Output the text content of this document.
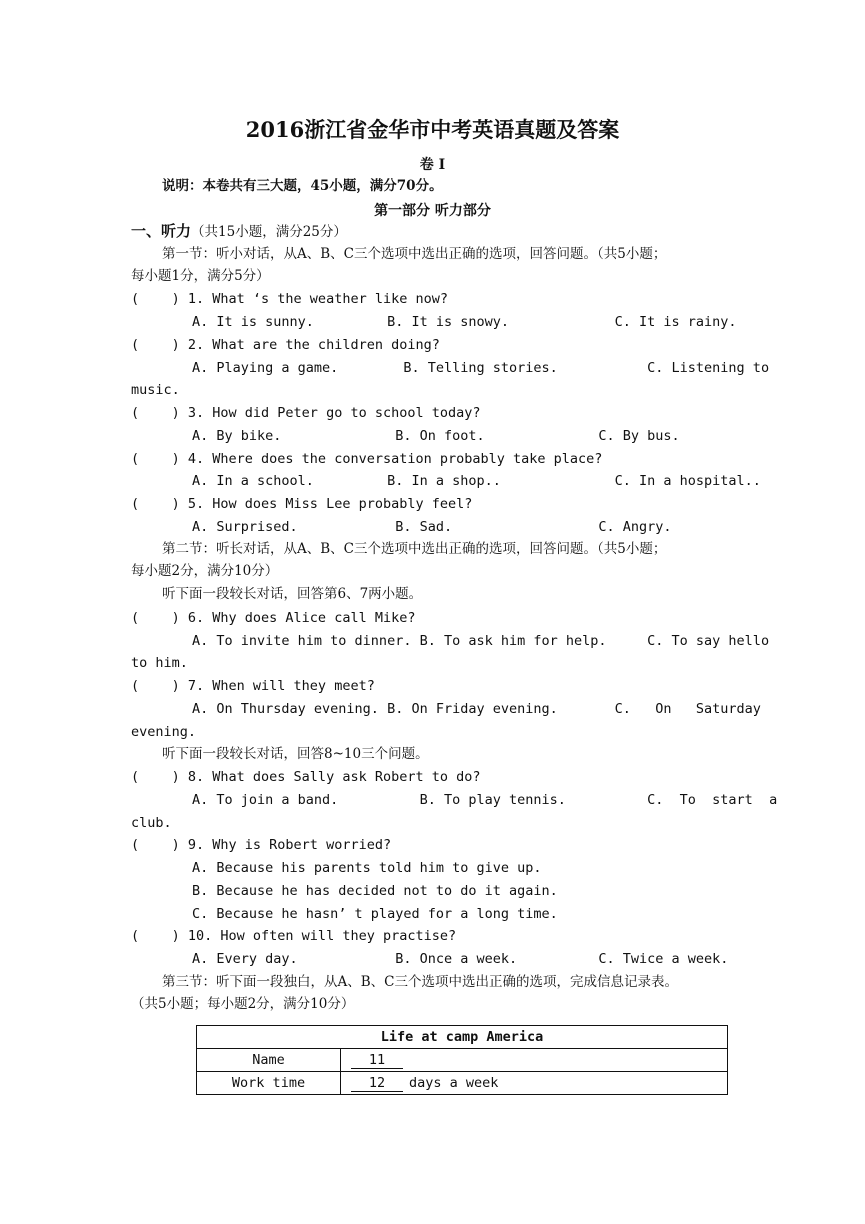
2016浙江省金华市中考英语真题及答案
卷 I
说明：本卷共有三大题，45小题，满分70分。
第一部分 听力部分
一、听力（共15小题，满分25分）
第一节：听小对话，从A、B、C三个选项中选出正确的选项，回答问题。（共5小题；
每小题1分，满分5分）
(    ) 1. What ‘s the weather like now?
A. It is sunny.         B. It is snowy.             C. It is rainy.
(    ) 2. What are the children doing?
A. Playing a game.        B. Telling stories.           C. Listening to
music.
(    ) 3. How did Peter go to school today?
A. By bike.              B. On foot.              C. By bus.
(    ) 4. Where does the conversation probably take place?
A. In a school.         B. In a shop..              C. In a hospital..
(    ) 5. How does Miss Lee probably feel?
A. Surprised.            B. Sad.                  C. Angry.
第二节：听长对话，从A、B、C三个选项中选出正确的选项，回答问题。（共5小题；
每小题2分，满分10分）
听下面一段较长对话，回答第6、7两小题。
(    ) 6. Why does Alice call Mike?
A. To invite him to dinner. B. To ask him for help.     C. To say hello
to him.
(    ) 7. When will they meet?
A. On Thursday evening. B. On Friday evening.       C.   On   Saturday
evening.
听下面一段较长对话，回答8~10三个问题。
(    ) 8. What does Sally ask Robert to do?
A. To join a band.          B. To play tennis.          C.  To  start  a
club.
(    ) 9. Why is Robert worried?
A. Because his parents told him to give up.
B. Because he has decided not to do it again.
C. Because he hasn’ t played for a long time.
(    ) 10. How often will they practise?
A. Every day.            B. Once a week.          C. Twice a week.
第三节：听下面一段独白，从A、B、C三个选项中选出正确的选项，完成信息记录表。
（共5小题；每小题2分，满分10分）
Life at camp America	
Name	11
Work time	12 days a week
